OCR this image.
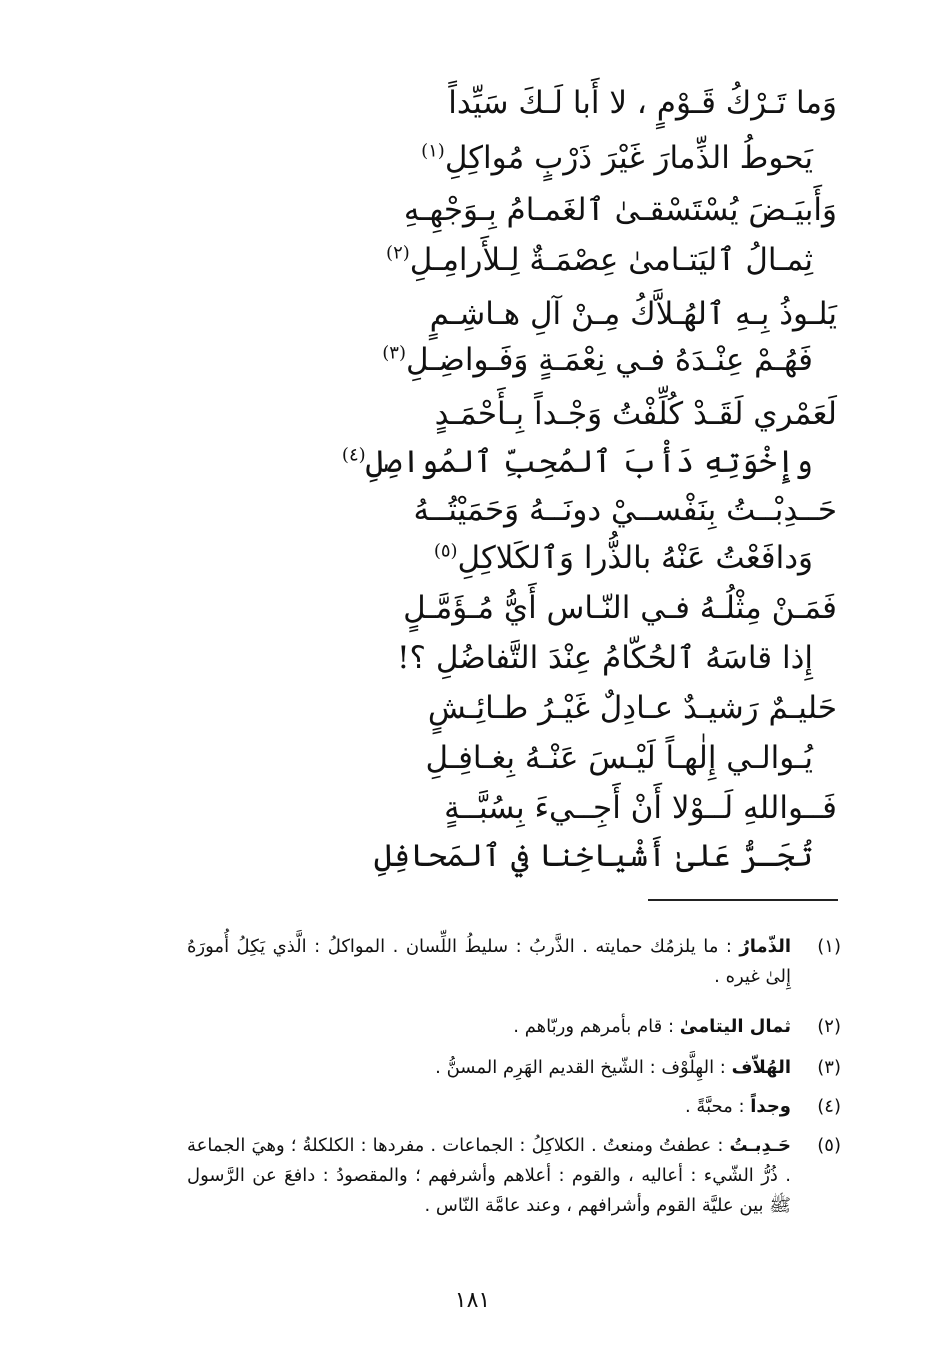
وَما تَـرْكُ قَـوْمٍ ، لا أَبا لَـكَ سَيِّداً
يَحوطُ الذِّمارَ غَيْرَ ذَرْبٍ مُواكِلِ$^{(١)}$
وَأَبيَـضَ يُسْتَسْقـىٰ ٱلغَمـامُ بِـوَجْهِـهِ
ثِمـالُ ٱليَتـامىٰ عِصْمَـةٌ لِـلأَرامِـلِ$^{(٢)}$
يَلـوذُ بِـهِ ٱلهُـلاَّكُ مِـنْ آلِ هـاشِـمٍ
فَهُـمْ عِنْـدَهُ فـي نِعْمَـةٍ وَفَـواضِـلِ$^{(٣)}$
لَعَمْري لَقَـدْ كُلِّفْتُ وَجْـداً بِـأَحْمَـدٍ
وإِخْوَتِهِ دَأْبَ ٱلمُحِبِّ ٱلمُواصِلِ$^{(٤)}$
حَــدِبْــتُ بِنَفْســيْ دونَــهُ وَحَمَيْتُــهُ
وَدافَعْتُ عَنْهُ بالذُّرا وَٱلكَلاكِلِ$^{(٥)}$
فَمَـنْ مِثْلُـهُ فـي النّـاس أَيُّ مُـؤَمَّـلٍ
إِذا قاسَهُ ٱلحُكّامُ عِنْدَ التَّفاضُلِ ؟!
حَليـمٌ رَشيـدٌ عـادِلٌ غَيْـرُ طـائِـشٍ
يُـوالـي إِلٰهـاً لَيْـسَ عَنْـهُ بِغـافِـلِ
فَــواللهِ لَــوْلا أَنْ أَجِــيءَ بِسُبَّــةٍ
تُجَـرُّ عَلىٰ أَشْياخِنا في ٱلمَحافِلِ
(١)
الذّمارُ : ما يلزمُك حمايته . الذَّربُ : سليطُ اللِّسان . المواكلُ : الَّذي يَكِلُ أُمورَهُ إِلىٰ غيره .
(٢)
ثمال اليتامىٰ : قام بأمرهم وربّاهم .
(٣)
الهُلاّف : الهِلَّوْف : الشّيخ القديم الهَرِم المسنُّ .
(٤)
وجداً : محبَّةً .
(٥)
حَـدِبـتُ : عطفتُ ومنعتُ . الكلاكِلُ : الجماعات . مفردها : الكلكلةُ ؛ وهيَ الجماعة . ذُرُّ الشّيء : أعاليه ، والقوم : أعلاهم وأشرفهم ؛ والمقصودُ : دافعَ عن الرَّسول ﷺ بين عليَّة القوم وأشرافهم ، وعند عامَّة النّاس .
١٨١
